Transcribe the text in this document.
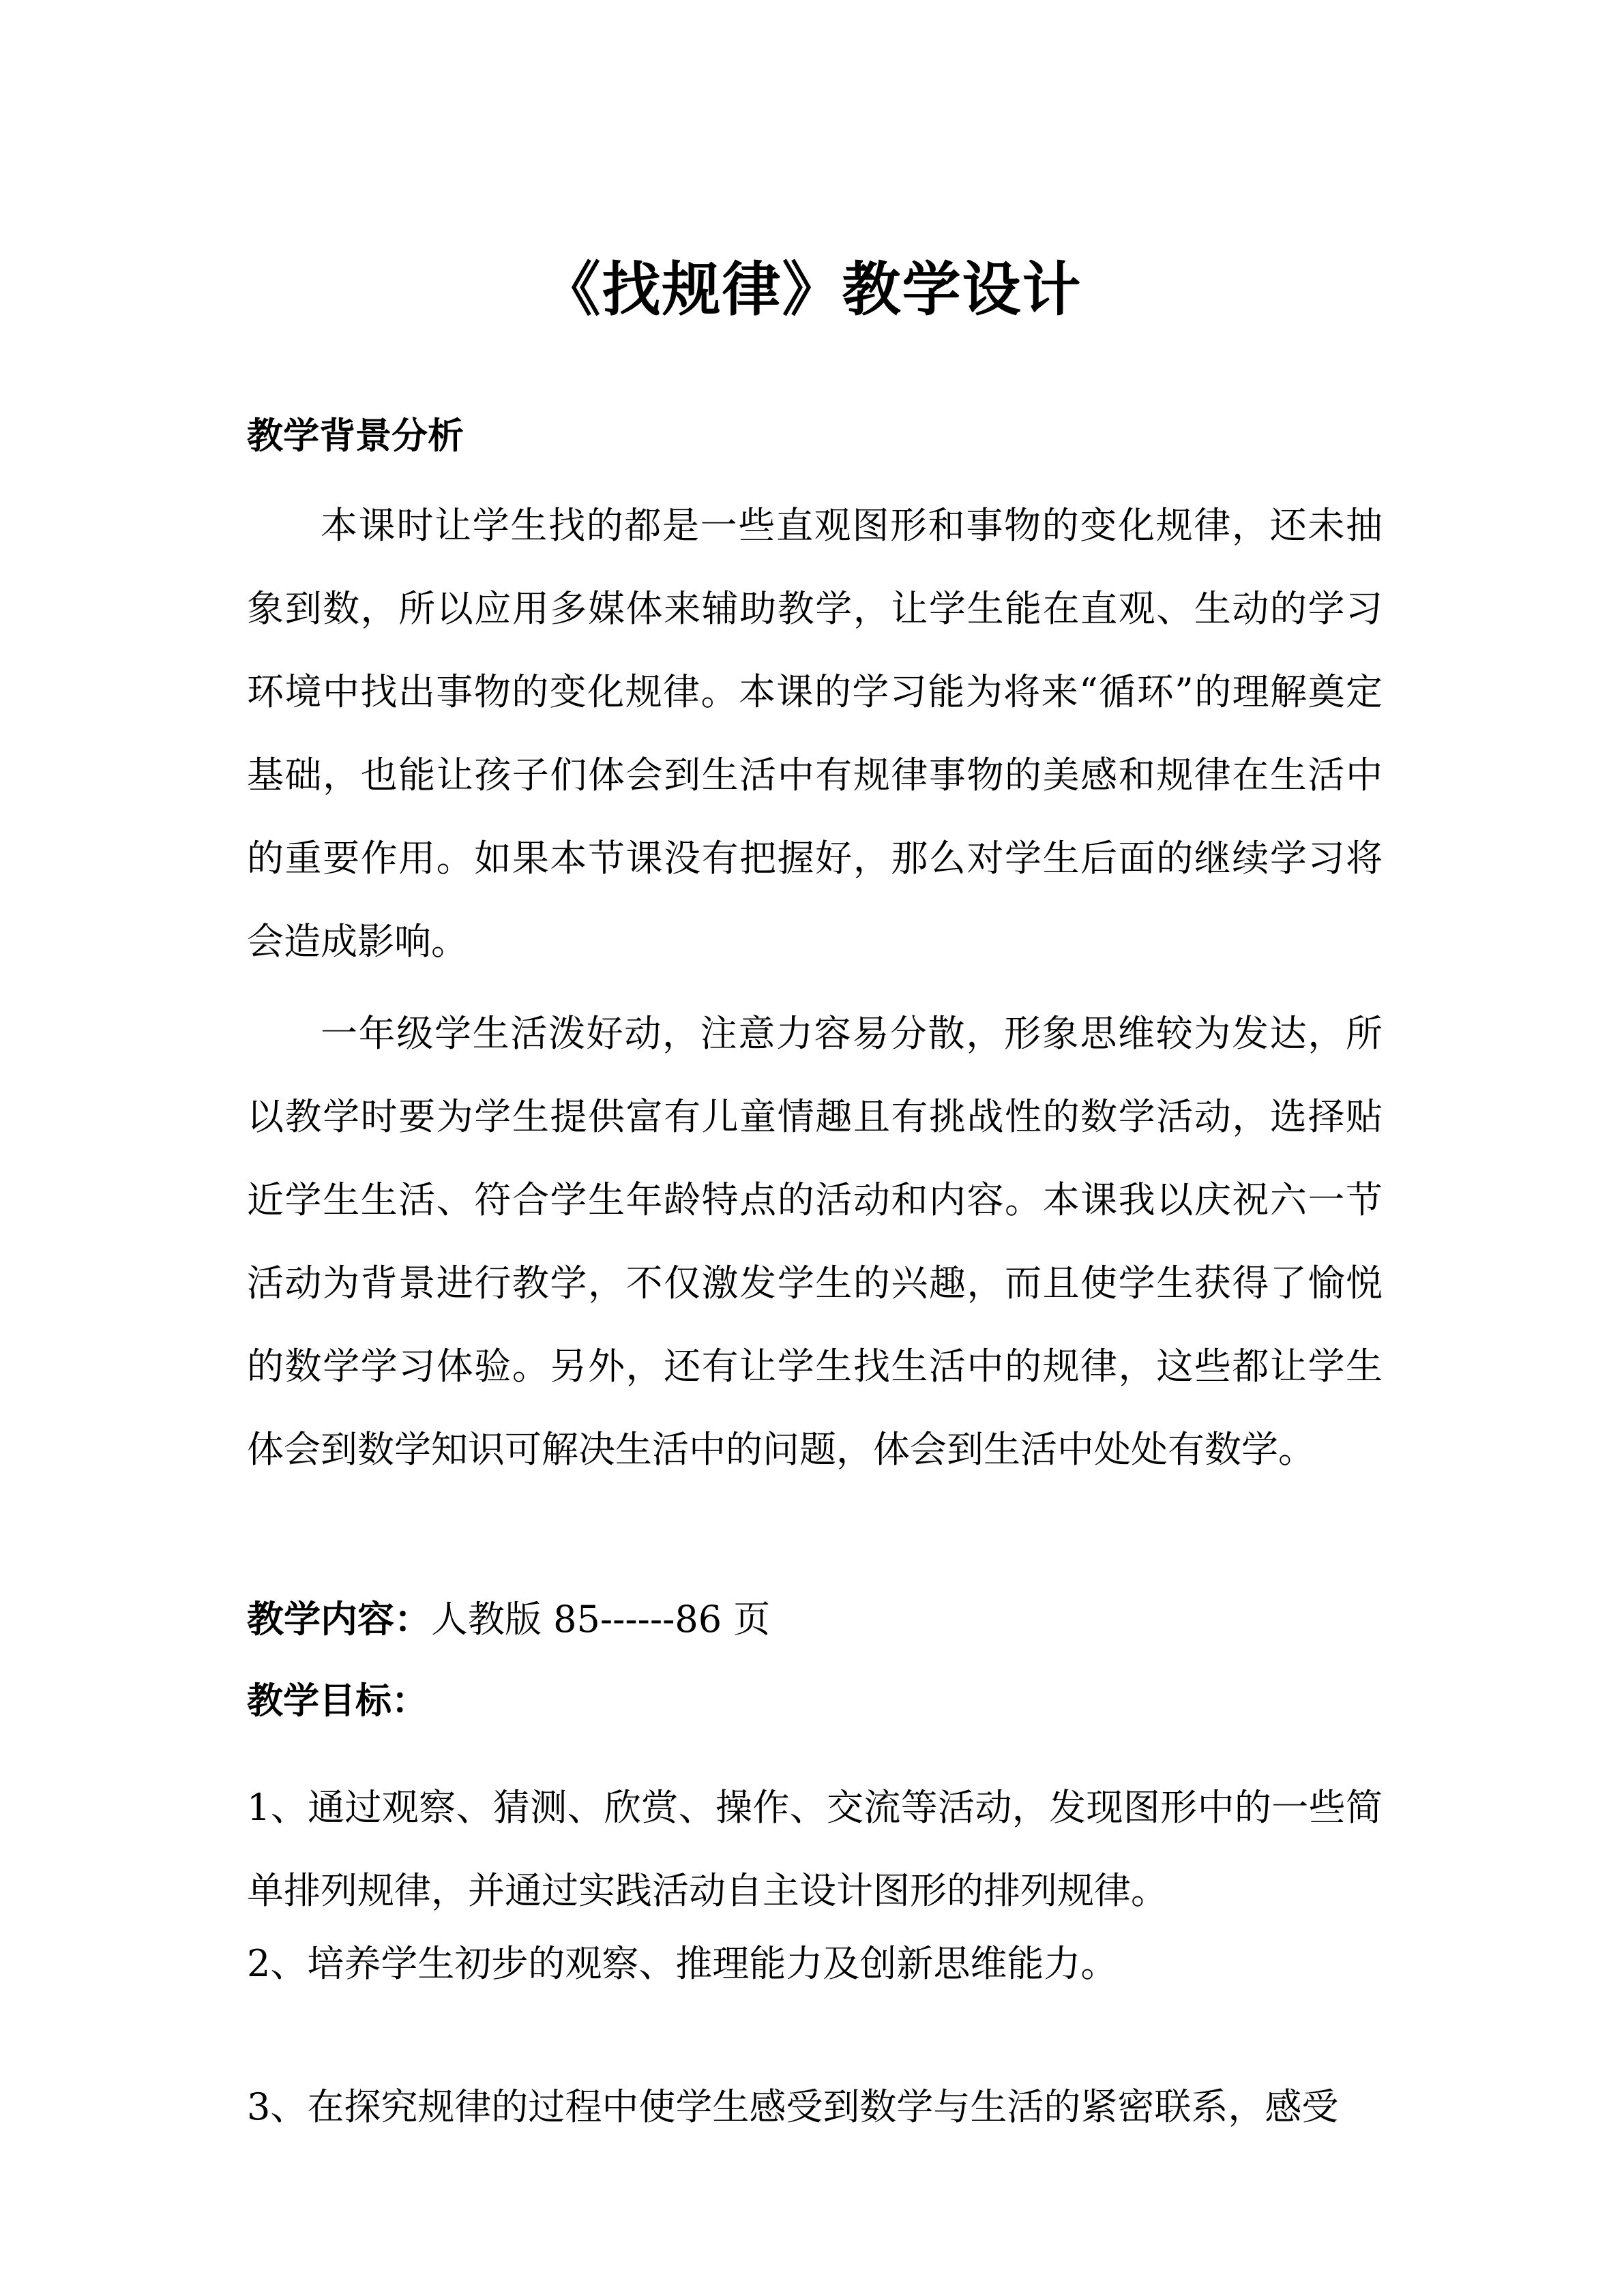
《找规律》教学设计
教学背景分析

本课时让学生找的都是一些直观图形和事物的变化规律，还未抽象到数，所以应用多媒体来辅助教学，让学生能在直观、生动的学习环境中找出事物的变化规律。本课的学习能为将来“循环”的理解奠定基础，也能让孩子们体会到生活中有规律事物的美感和规律在生活中的重要作用。如果本节课没有把握好，那么对学生后面的继续学习将会造成影响。

一年级学生活泼好动，注意力容易分散，形象思维较为发达，所以教学时要为学生提供富有儿童情趣且有挑战性的数学活动，选择贴近学生生活、符合学生年龄特点的活动和内容。本课我以庆祝六一节活动为背景进行教学，不仅激发学生的兴趣，而且使学生获得了愉悦的数学学习体验。另外，还有让学生找生活中的规律，这些都让学生体会到数学知识可解决生活中的问题，体会到生活中处处有数学。

教学内容：人教版 85------86 页
教学目标：

1、通过观察、猜测、欣赏、操作、交流等活动，发现图形中的一些简单排列规律，并通过实践活动自主设计图形的排列规律。

2、培养学生初步的观察、推理能力及创新思维能力。

3、在探究规律的过程中使学生感受到数学与生活的紧密联系，感受
